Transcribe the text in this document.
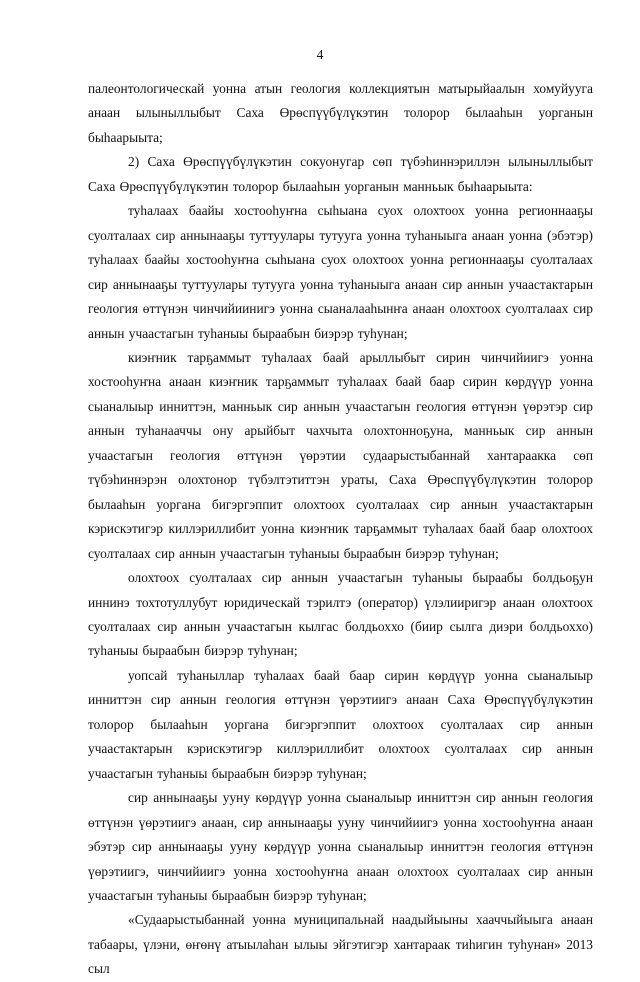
4

палеонтологическай уонна атын геология коллекциятын матырыйаалын хомуйууга анаан ылыныллыбыт Саха Өрөспүүбүлүкэтин толорор былааһын уорганын быһаарыыта;

2) Саха Өрөспүүбүлүкэтин сокуонугар сөп түбэһиннэриллэн ылыныллыбыт Саха Өрөспүүбүлүкэтин толорор былааһын уорганын манньык быһаарыыта:

туһалаах баайы хостооһуҥна сыһыана суох олохтоох уонна регионнааҕы суолталаах сир аннынааҕы туттуулары тутууга уонна туһаныыга анаан уонна (эбэтэр) туһалаах баайы хостооһуҥна сыһыана суох олохтоох уонна регионнааҕы суолталаах сир аннынааҕы туттуулары тутууга уонна туһаныыга анаан сир аннын учаастактарын геология өттүнэн чинчийиинигэ уонна сыаналааһынҥа анаан олохтоох суолталаах сир аннын учаастагын туһаныы быраабын биэрэр туһунан;

киэҥник тарҕаммыт туһалаах баай арыллыбыт сирин чинчийиигэ уонна хостооһуҥна анаан киэҥник тарҕаммыт туһалаах баай баар сирин көрдүүр уонна сыаналыыр инниттэн, манньык сир аннын учаастагын геология өттүнэн үөрэтэр сир аннын туһанааччы ону арыйбыт чахчыта олохтонноҕуна, манньык сир аннын учаастагын геология өттүнэн үөрэтии судаарыстыбаннай хантараакка сөп түбэһиннэрэн олохтонор түбэлтэтиттэн ураты, Саха Өрөспүүбүлүкэтин толорор былааһын уоргана бигэргэппит олохтоох суолталаах сир аннын учаастактарын кэрискэтигэр киллэриллибит уонна киэҥник тарҕаммыт туһалаах баай баар олохтоох суолталаах сир аннын учаастагын туһаныы быраабын биэрэр туһунан;

олохтоох суолталаах сир аннын учаастагын туһаныы быраабы болдьоҕун иннинэ тохтотуллубут юридическай тэрилтэ (оператор) үлэлииригэр анаан олохтоох суолталаах сир аннын учаастагын кылгас болдьоххо (биир сылга диэри болдьоххо) туһаныы быраабын биэрэр туһунан;

уопсай туһаныллар туһалаах баай баар сирин көрдүүр уонна сыаналыыр инниттэн сир аннын геология өттүнэн үөрэтиигэ анаан Саха Өрөспүүбүлүкэтин толорор былааһын уоргана бигэргэппит олохтоох суолталаах сир аннын учаастактарын кэрискэтигэр киллэриллибит олохтоох суолталаах сир аннын учаастагын туһаныы быраабын биэрэр туһунан;

сир аннынааҕы ууну көрдүүр уонна сыаналыыр инниттэн сир аннын геология өттүнэн үөрэтиигэ анаан, сир аннынааҕы ууну чинчийиигэ уонна хостооһуҥна анаан эбэтэр сир аннынааҕы ууну көрдүүр уонна сыаналыыр инниттэн геология өттүнэн үөрэтиигэ, чинчийиигэ уонна хостооһуҥна анаан олохтоох суолталаах сир аннын учаастагын туһаныы быраабын биэрэр туһунан;

«Судаарыстыбаннай уонна муниципальнай наадыйыыны хааччыйыыга анаан табаары, үлэни, өҥөнү атыылаһан ылыы эйгэтигэр хантараак тиһигин туһунан» 2013 сыл
